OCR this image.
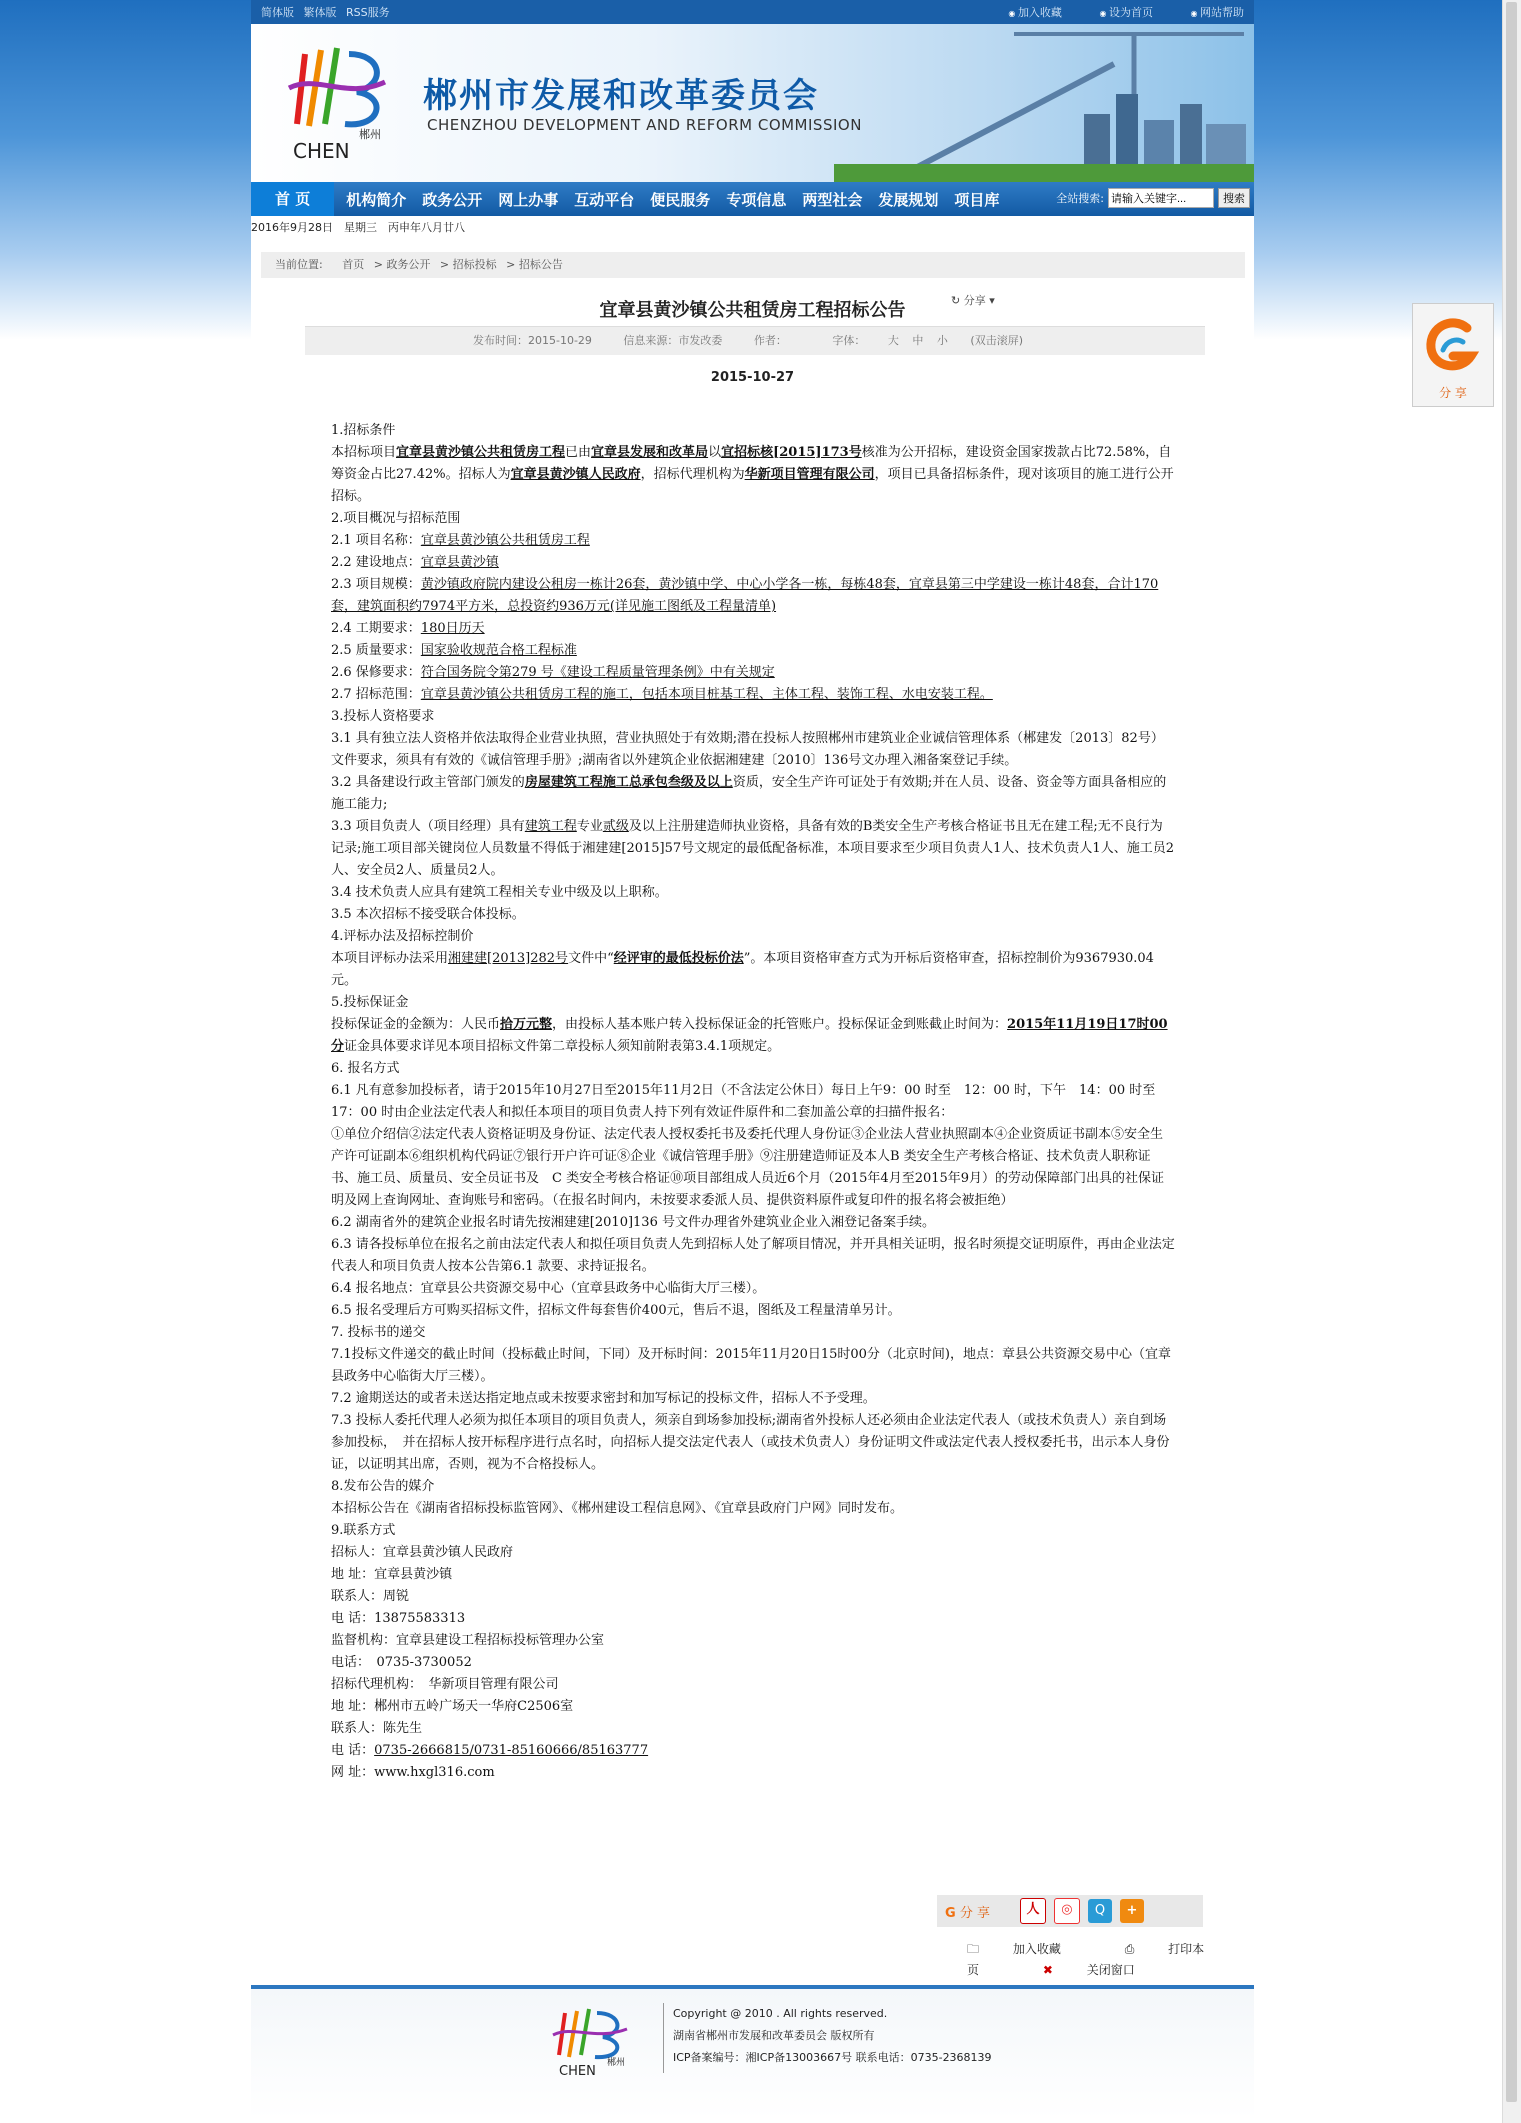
简体版 繁体版 RSS服务	◉ 加入收藏	◉ 设为首页	◉ 网站帮助
郴州
CHEN
郴州市发展和改革委员会
CHENZHOU DEVELOPMENT AND REFORM COMMISSION
首 页	机构简介	政务公开	网上办事	互动平台	便民服务	专项信息	两型社会	发展规划	项目库	全站搜索:
请输入关键字...	搜索
2016年9月28日　星期三　丙申年八月廿八
当前位置: 首页 > 政务公开 > 招标投标 > 招标公告
宜章县黄沙镇公共租赁房工程招标公告	↻ 分享 ▾
发布时间：2015-10-29	信息来源：市发改委	作者：	字体： 大 中 小 (双击滚屏)
2015-10-27

1.招标条件

本招标项目宜章县黄沙镇公共租赁房工程已由宜章县发展和改革局以宜招标核[2015]173号核准为公开招标，建设资金国家拨款占比72.58%，自筹资金占比27.42%。招标人为宜章县黄沙镇人民政府，招标代理机构为华新项目管理有限公司，项目已具备招标条件，现对该项目的施工进行公开招标。

2.项目概况与招标范围

2.1 项目名称：宜章县黄沙镇公共租赁房工程

2.2 建设地点：宜章县黄沙镇

2.3 项目规模：黄沙镇政府院内建设公租房一栋计26套，黄沙镇中学、中心小学各一栋，每栋48套，宜章县第三中学建设一栋计48套，合计170套，建筑面积约7974平方米，总投资约936万元(详见施工图纸及工程量清单)

2.4 工期要求：180日历天

2.5 质量要求：国家验收规范合格工程标准

2.6 保修要求：符合国务院令第279 号《建设工程质量管理条例》中有关规定

2.7 招标范围：宜章县黄沙镇公共租赁房工程的施工，包括本项目桩基工程、主体工程、装饰工程、水电安装工程。

3.投标人资格要求

3.1 具有独立法人资格并依法取得企业营业执照，营业执照处于有效期;潜在投标人按照郴州市建筑业企业诚信管理体系（郴建发〔2013〕82号）文件要求，须具有有效的《诚信管理手册》;湖南省以外建筑企业依据湘建建〔2010〕136号文办理入湘备案登记手续。

3.2 具备建设行政主管部门颁发的房屋建筑工程施工总承包叁级及以上资质，安全生产许可证处于有效期;并在人员、设备、资金等方面具备相应的施工能力;

3.3 项目负责人（项目经理）具有建筑工程专业贰级及以上注册建造师执业资格，具备有效的B类安全生产考核合格证书且无在建工程;无不良行为记录;施工项目部关键岗位人员数量不得低于湘建建[2015]57号文规定的最低配备标准，本项目要求至少项目负责人1人、技术负责人1人、施工员2人、安全员2人、质量员2人。

3.4 技术负责人应具有建筑工程相关专业中级及以上职称。

3.5 本次招标不接受联合体投标。

4.评标办法及招标控制价

本项目评标办法采用湘建建[2013]282号文件中“经评审的最低投标价法”。本项目资格审查方式为开标后资格审查，招标控制价为9367930.04元。

5.投标保证金

投标保证金的金额为：人民币拾万元整，由投标人基本账户转入投标保证金的托管账户。投标保证金到账截止时间为：2015年11月19日17时00分证金具体要求详见本项目招标文件第二章投标人须知前附表第3.4.1项规定。

6. 报名方式

6.1 凡有意参加投标者，请于2015年10月27日至2015年11月2日（不含法定公休日）每日上午9：00 时至　12：00 时，下午　14：00 时至　17：00 时由企业法定代表人和拟任本项目的项目负责人持下列有效证件原件和二套加盖公章的扫描件报名：

①单位介绍信②法定代表人资格证明及身份证、法定代表人授权委托书及委托代理人身份证③企业法人营业执照副本④企业资质证书副本⑤安全生产许可证副本⑥组织机构代码证⑦银行开户许可证⑧企业《诚信管理手册》⑨注册建造师证及本人B 类安全生产考核合格证、技术负责人职称证书、施工员、质量员、安全员证书及　C 类安全考核合格证⑩项目部组成人员近6个月（2015年4月至2015年9月）的劳动保障部门出具的社保证明及网上查询网址、查询账号和密码。（在报名时间内，未按要求委派人员、提供资料原件或复印件的报名将会被拒绝）

6.2 湖南省外的建筑企业报名时请先按湘建建[2010]136 号文件办理省外建筑业企业入湘登记备案手续。

6.3 请各投标单位在报名之前由法定代表人和拟任项目负责人先到招标人处了解项目情况，并开具相关证明，报名时须提交证明原件，再由企业法定代表人和项目负责人按本公告第6.1 款要、求持证报名。

6.4 报名地点：宜章县公共资源交易中心（宜章县政务中心临街大厅三楼）。

6.5 报名受理后方可购买招标文件，招标文件每套售价400元，售后不退，图纸及工程量清单另计。

7. 投标书的递交

7.1投标文件递交的截止时间（投标截止时间，下同）及开标时间：2015年11月20日15时00分（北京时间)，地点：章县公共资源交易中心（宜章县政务中心临街大厅三楼）。

7.2 逾期送达的或者未送达指定地点或未按要求密封和加写标记的投标文件，招标人不予受理。

7.3 投标人委托代理人必须为拟任本项目的项目负责人，须亲自到场参加投标;湖南省外投标人还必须由企业法定代表人（或技术负责人）亲自到场参加投标，　并在招标人按开标程序进行点名时，向招标人提交法定代表人（或技术负责人）身份证明文件或法定代表人授权委托书，出示本人身份证，以证明其出席，否则，视为不合格投标人。

8.发布公告的媒介

本招标公告在《湖南省招标投标监管网》、《郴州建设工程信息网》、《宜章县政府门户网》同时发布。

9.联系方式

招标人：宜章县黄沙镇人民政府

地 址：宜章县黄沙镇

联系人：周锐

电 话：13875583313

监督机构：宜章县建设工程招标投标管理办公室

电话：　0735-3730052

招标代理机构：　华新项目管理有限公司

地 址：郴州市五岭广场天一华府C2506室

联系人：陈先生

电 话：0735-2666815/0731-85160666/85163777

网 址：www.hxgl316.com

G 分 享	人	◎	Q	+
🗀	加入收藏	⎙	打印本页	✖	关闭窗口
郴州
CHEN
Copyright @ 2010 . All rights reserved.
湖南省郴州市发展和改革委员会 版权所有
ICP备案编号：湘ICP备13003667号 联系电话：0735-2368139
分 享
